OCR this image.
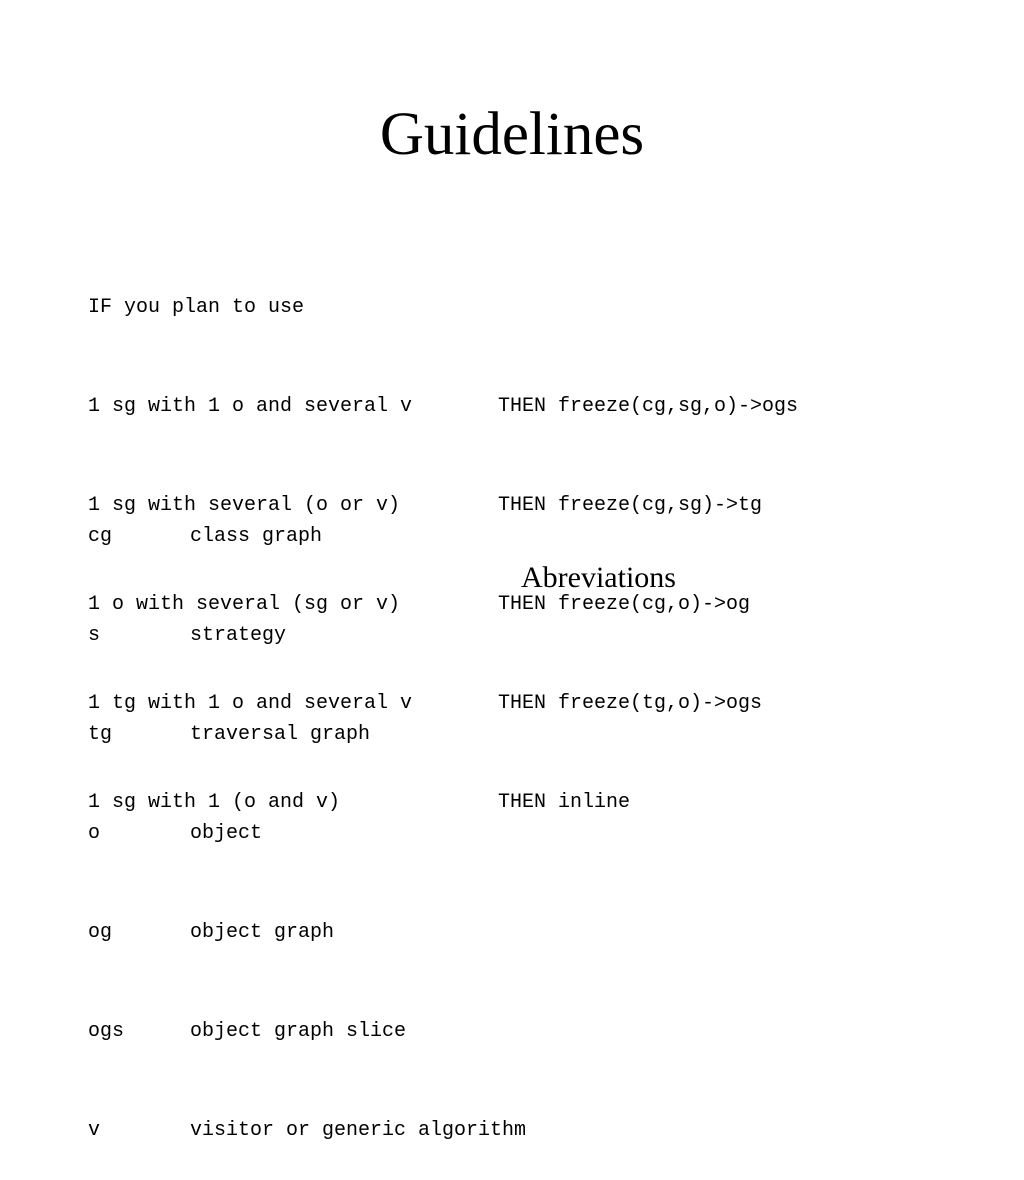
Guidelines

IF you plan to use

1 sg with 1 o and several v	THEN freeze(cg,sg,o)->ogs

1 sg with several (o or v)	THEN freeze(cg,sg)->tg

1 o with several (sg or v)	THEN freeze(cg,o)->og

1 tg with 1 o and several v	THEN freeze(tg,o)->ogs

1 sg with 1 (o and v)	THEN inline

cg	class graph

s	strategy

tg	traversal graph

o	object

og	object graph

ogs	object graph slice

v	visitor or generic algorithm

Abreviations
